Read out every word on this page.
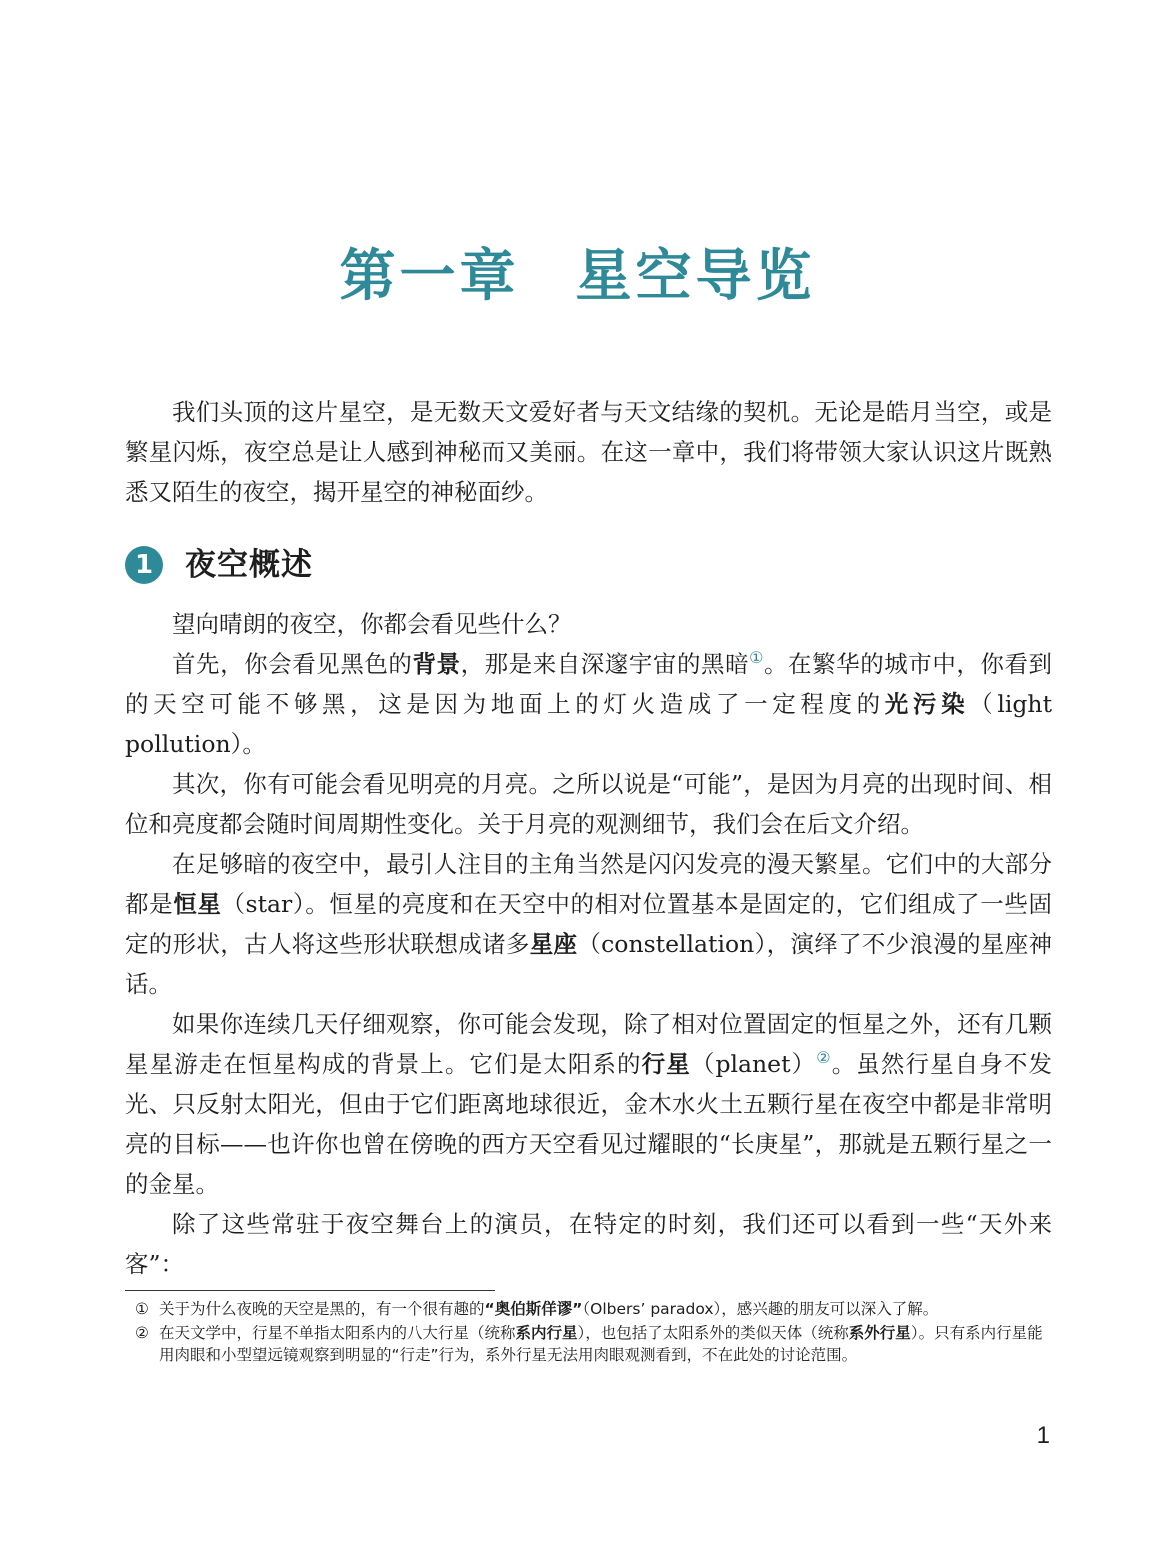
第一章 星空导览

我们头顶的这片星空，是无数天文爱好者与天文结缘的契机。无论是皓月当空，或是繁星闪烁，夜空总是让人感到神秘而又美丽。在这一章中，我们将带领大家认识这片既熟悉又陌生的夜空，揭开星空的神秘面纱。

1	夜空概述

望向晴朗的夜空，你都会看见些什么？

首先，你会看见黑色的背景，那是来自深邃宇宙的黑暗①。在繁华的城市中，你看到的天空可能不够黑，这是因为地面上的灯火造成了一定程度的光污染（light pollution）。

其次，你有可能会看见明亮的月亮。之所以说是“可能”，是因为月亮的出现时间、相位和亮度都会随时间周期性变化。关于月亮的观测细节，我们会在后文介绍。

在足够暗的夜空中，最引人注目的主角当然是闪闪发亮的漫天繁星。它们中的大部分都是恒星（star）。恒星的亮度和在天空中的相对位置基本是固定的，它们组成了一些固定的形状，古人将这些形状联想成诸多星座（constellation），演绎了不少浪漫的星座神话。

如果你连续几天仔细观察，你可能会发现，除了相对位置固定的恒星之外，还有几颗星星游走在恒星构成的背景上。它们是太阳系的行星（planet）②。虽然行星自身不发光、只反射太阳光，但由于它们距离地球很近，金木水火土五颗行星在夜空中都是非常明亮的目标——也许你也曾在傍晚的西方天空看见过耀眼的“长庚星”，那就是五颗行星之一的金星。

除了这些常驻于夜空舞台上的演员，在特定的时刻，我们还可以看到一些“天外来客”：

① 关于为什么夜晚的天空是黑的，有一个很有趣的“奥伯斯佯谬”（Olbers’ paradox），感兴趣的朋友可以深入了解。
② 在天文学中，行星不单指太阳系内的八大行星（统称系内行星），也包括了太阳系外的类似天体（统称系外行星）。只有系内行星能用肉眼和小型望远镜观察到明显的“行走”行为，系外行星无法用肉眼观测看到，不在此处的讨论范围。
1
